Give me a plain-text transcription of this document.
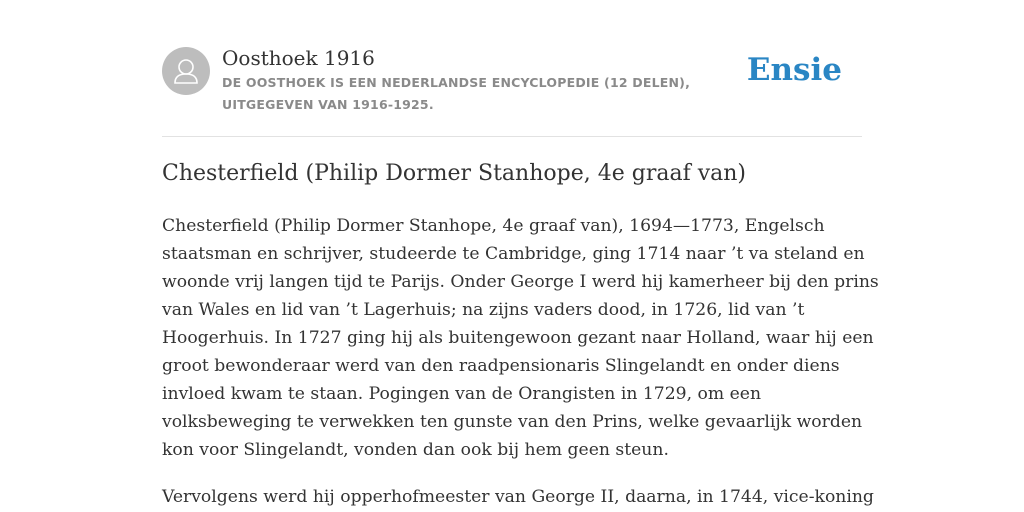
Oosthoek 1916
DE OOSTHOEK IS EEN NEDERLANDSE ENCYCLOPEDIE (12 DELEN), UITGEGEVEN VAN 1916-1925.
Ensie
Chesterfield (Philip Dormer Stanhope, 4e graaf van)

Chesterfield (Philip Dormer Stanhope, 4e graaf van), 1694—1773, Engelsch staatsman en schrijver, studeerde te Cambridge, ging 1714 naar ’t va steland en woonde vrij langen tijd te Parijs. Onder George I werd hij kamerheer bij den prins van Wales en lid van ’t Lagerhuis; na zijns vaders dood, in 1726, lid van ’t Hoogerhuis. In 1727 ging hij als buitengewoon gezant naar Holland, waar hij een groot bewonderaar werd van den raadpensionaris Slingelandt en onder diens invloed kwam te staan. Pogingen van de Orangisten in 1729, om een volksbeweging te verwekken ten gunste van den Prins, welke gevaarlijk worden kon voor Slingelandt, vonden dan ook bij hem geen steun.

Vervolgens werd hij opperhofmeester van George II, daarna, in 1744, vice-koning
